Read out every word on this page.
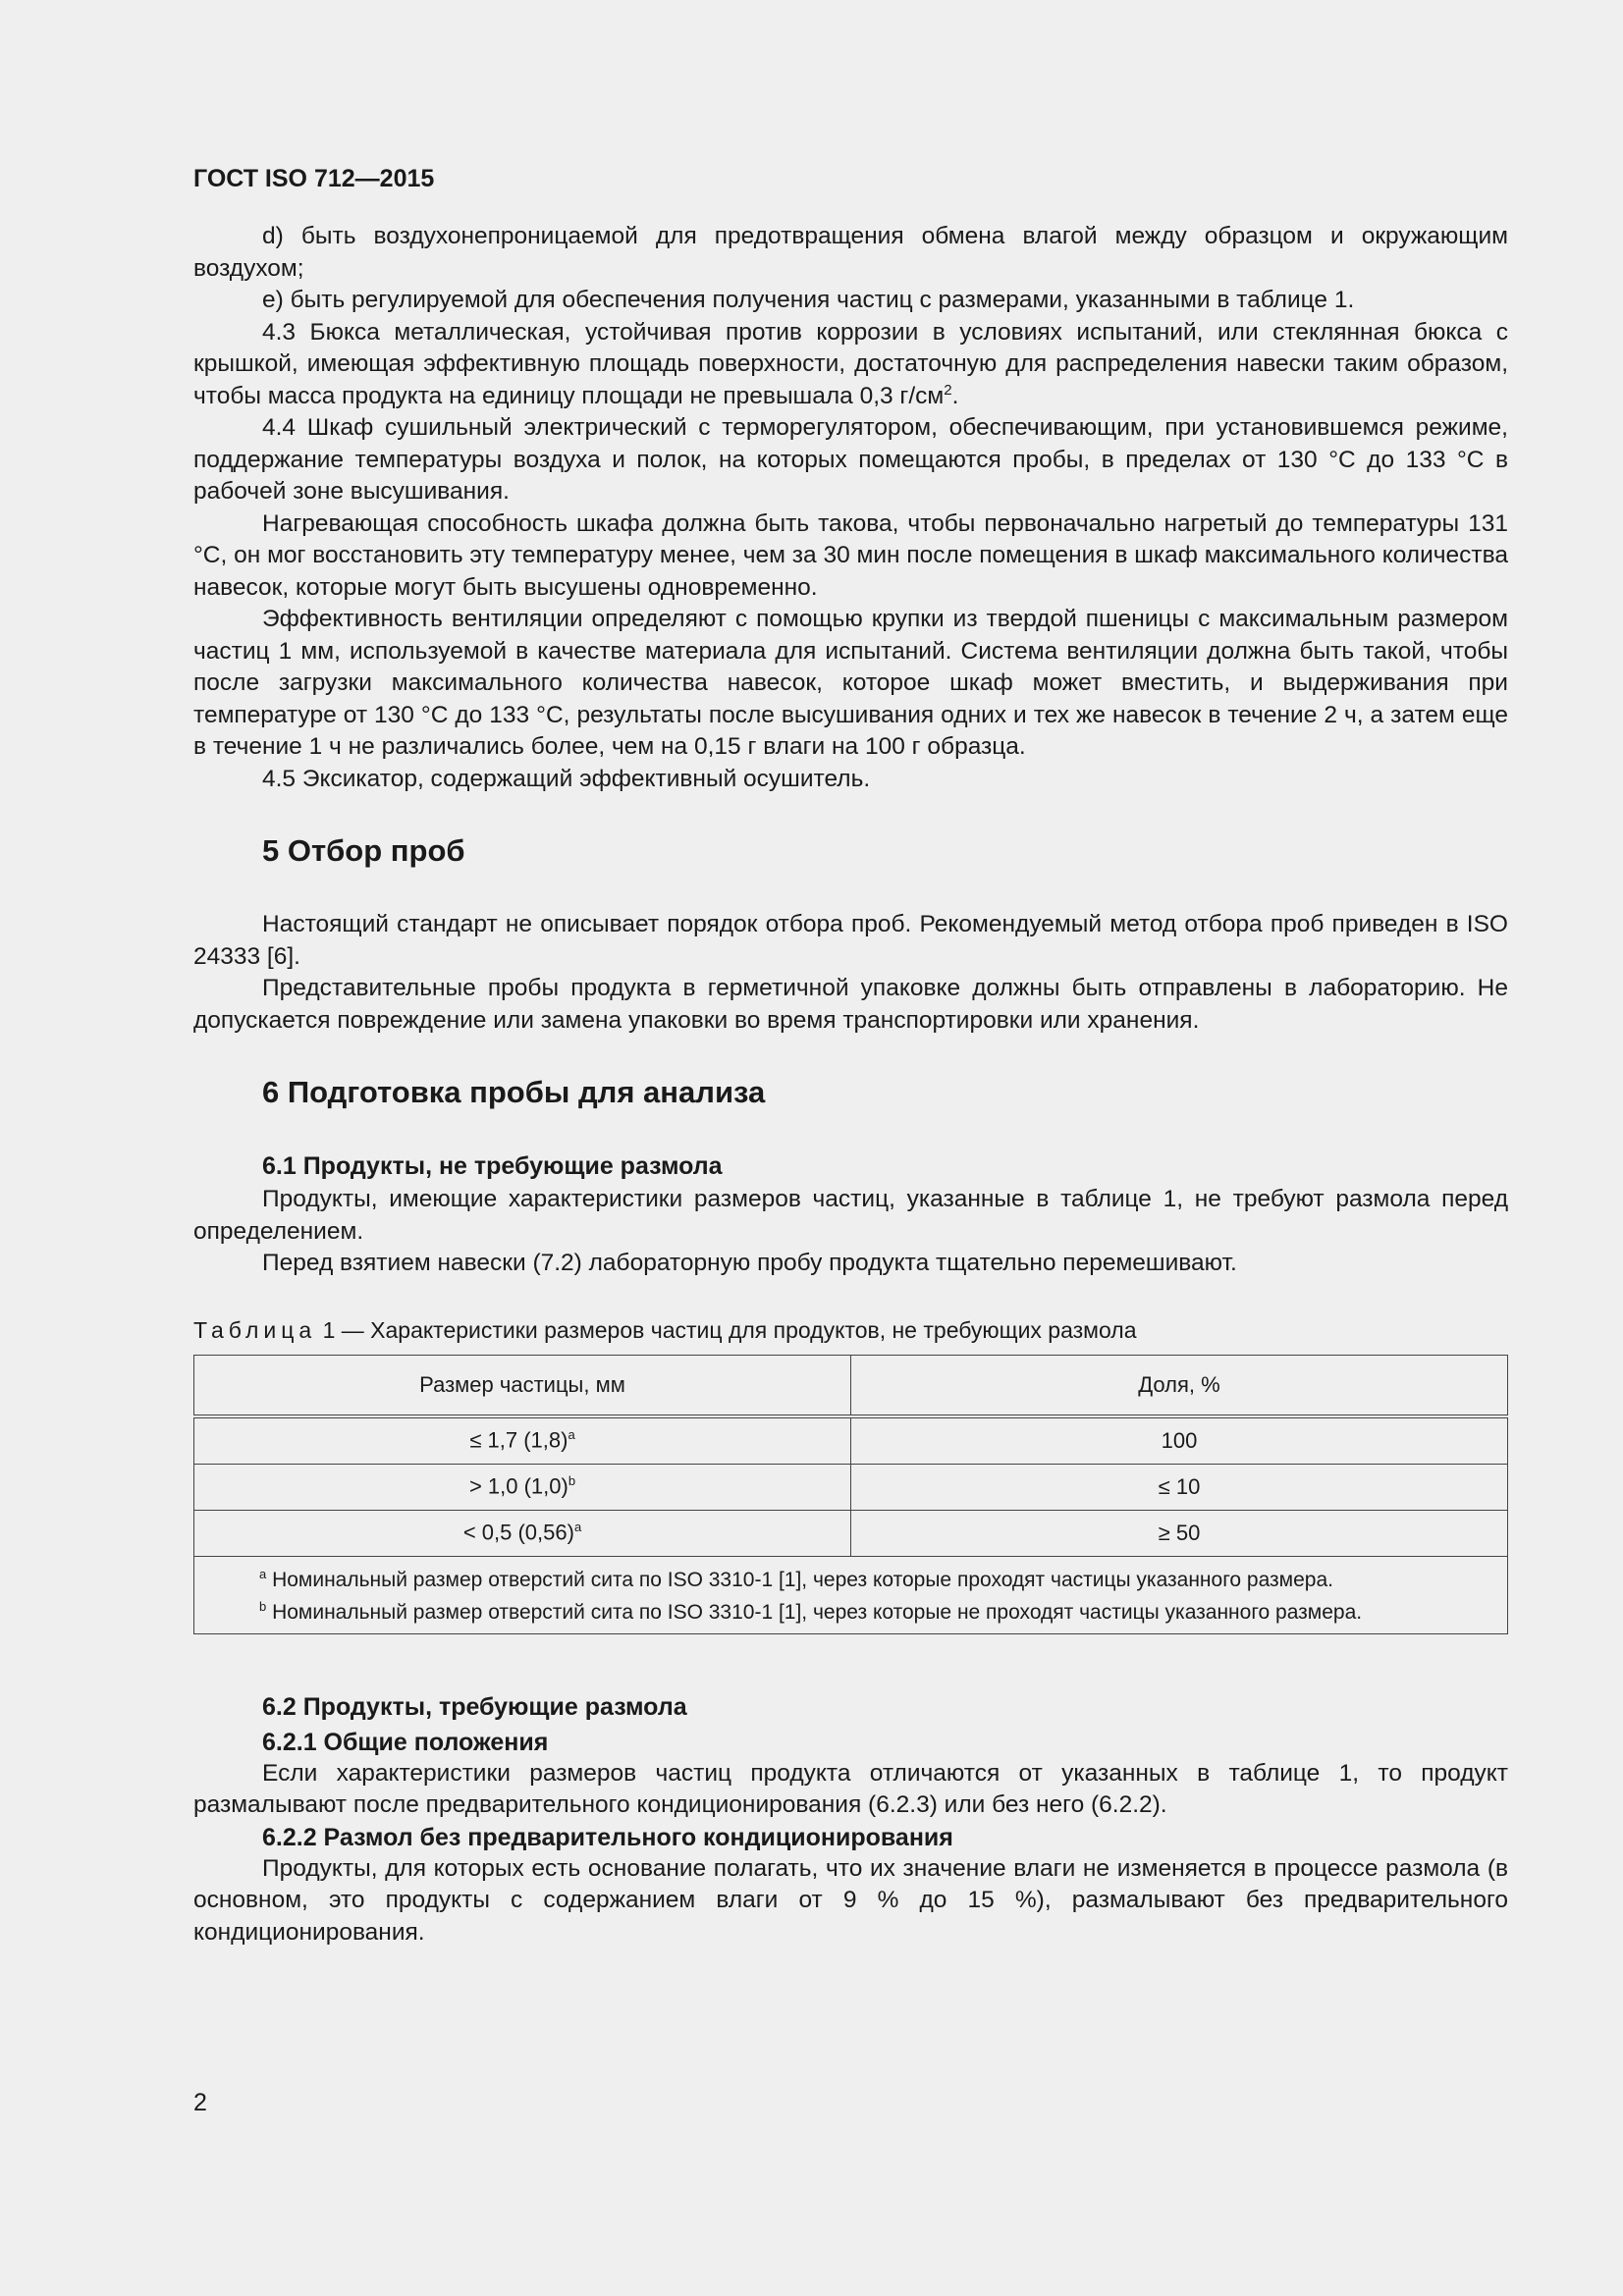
ГОСТ ISO 712—2015

d) быть воздухонепроницаемой для предотвращения обмена влагой между образцом и окружающим воздухом;

e) быть регулируемой для обеспечения получения частиц с размерами, указанными в таблице 1.

4.3 Бюкса металлическая, устойчивая против коррозии в условиях испытаний, или стеклянная бюкса с крышкой, имеющая эффективную площадь поверхности, достаточную для распределения навески таким образом, чтобы масса продукта на единицу площади не превышала 0,3 $г/см^2$.

4.4 Шкаф сушильный электрический с терморегулятором, обеспечивающим, при установившемся режиме, поддержание температуры воздуха и полок, на которых помещаются пробы, в пределах от 130 °С до 133 °С в рабочей зоне высушивания.

Нагревающая способность шкафа должна быть такова, чтобы первоначально нагретый до температуры 131 °С, он мог восстановить эту температуру менее, чем за 30 мин после помещения в шкаф максимального количества навесок, которые могут быть высушены одновременно.

Эффективность вентиляции определяют с помощью крупки из твердой пшеницы с максимальным размером частиц 1 мм, используемой в качестве материала для испытаний. Система вентиляции должна быть такой, чтобы после загрузки максимального количества навесок, которое шкаф может вместить, и выдерживания при температуре от 130 °С до 133 °С, результаты после высушивания одних и тех же навесок в течение 2 ч, а затем еще в течение 1 ч не различались более, чем на 0,15 г влаги на 100 г образца.

4.5 Эксикатор, содержащий эффективный осушитель.

5 Отбор проб

Настоящий стандарт не описывает порядок отбора проб. Рекомендуемый метод отбора проб приведен в ISO 24333 [6].

Представительные пробы продукта в герметичной упаковке должны быть отправлены в лабораторию. Не допускается повреждение или замена упаковки во время транспортировки или хранения.

6 Подготовка пробы для анализа
6.1 Продукты, не требующие размола

Продукты, имеющие характеристики размеров частиц, указанные в таблице 1, не требуют размола перед определением.

Перед взятием навески (7.2) лабораторную пробу продукта тщательно перемешивают.

Таблица 1 — Характеристики размеров частиц для продуктов, не требующих размола
Размер частицы, мм	Доля, %
≤ 1,7 $(1,8)^a$	100
> 1,0 $(1,0)^b$	≤ 10
< 0,5 $(0,56)^a$	≥ 50

$^a$ Номинальный размер отверстий сита по ISO 3310-1 [1], через которые проходят частицы указанного размера.
$^b$ Номинальный размер отверстий сита по ISO 3310-1 [1], через которые не проходят частицы указанного размера.	
6.2 Продукты, требующие размола
6.2.1 Общие положения

Если характеристики размеров частиц продукта отличаются от указанных в таблице 1, то продукт размалывают после предварительного кондиционирования (6.2.3) или без него (6.2.2).

6.2.2 Размол без предварительного кондиционирования

Продукты, для которых есть основание полагать, что их значение влаги не изменяется в процессе размола (в основном, это продукты с содержанием влаги от 9 % до 15 %), размалывают без предварительного кондиционирования.

2
